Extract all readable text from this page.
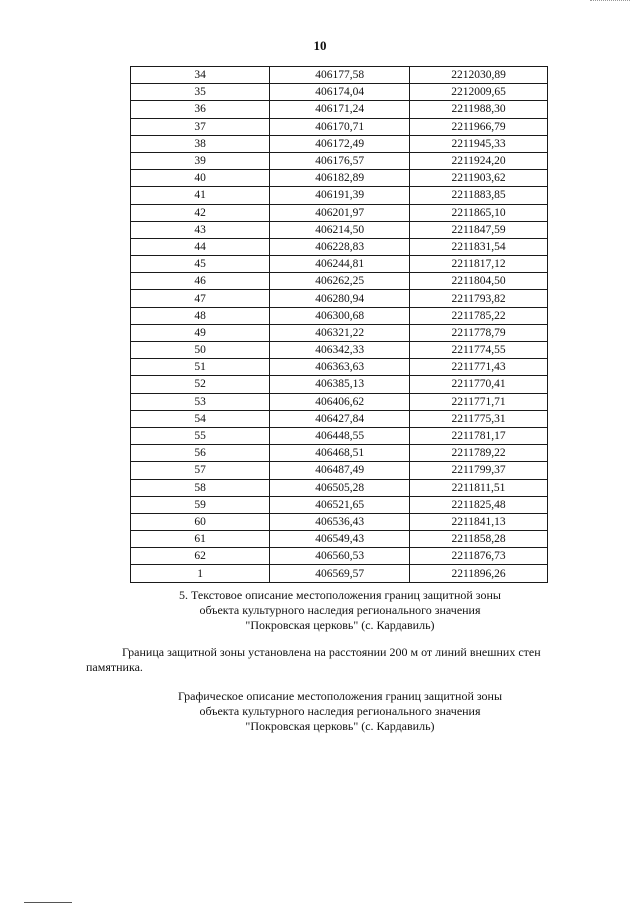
10
34	406177,58	2212030,89
35	406174,04	2212009,65
36	406171,24	2211988,30
37	406170,71	2211966,79
38	406172,49	2211945,33
39	406176,57	2211924,20
40	406182,89	2211903,62
41	406191,39	2211883,85
42	406201,97	2211865,10
43	406214,50	2211847,59
44	406228,83	2211831,54
45	406244,81	2211817,12
46	406262,25	2211804,50
47	406280,94	2211793,82
48	406300,68	2211785,22
49	406321,22	2211778,79
50	406342,33	2211774,55
51	406363,63	2211771,43
52	406385,13	2211770,41
53	406406,62	2211771,71
54	406427,84	2211775,31
55	406448,55	2211781,17
56	406468,51	2211789,22
57	406487,49	2211799,37
58	406505,28	2211811,51
59	406521,65	2211825,48
60	406536,43	2211841,13
61	406549,43	2211858,28
62	406560,53	2211876,73
1	406569,57	2211896,26
5. Текстовое описание местоположения границ защитной зоны
объекта культурного наследия регионального значения
"Покровская церковь" (с. Кардавиль)
Граница защитной зоны установлена на расстоянии 200 м от линий внешних стен
памятника.
Графическое описание местоположения границ защитной зоны
объекта культурного наследия регионального значения
"Покровская церковь" (с. Кардавиль)
